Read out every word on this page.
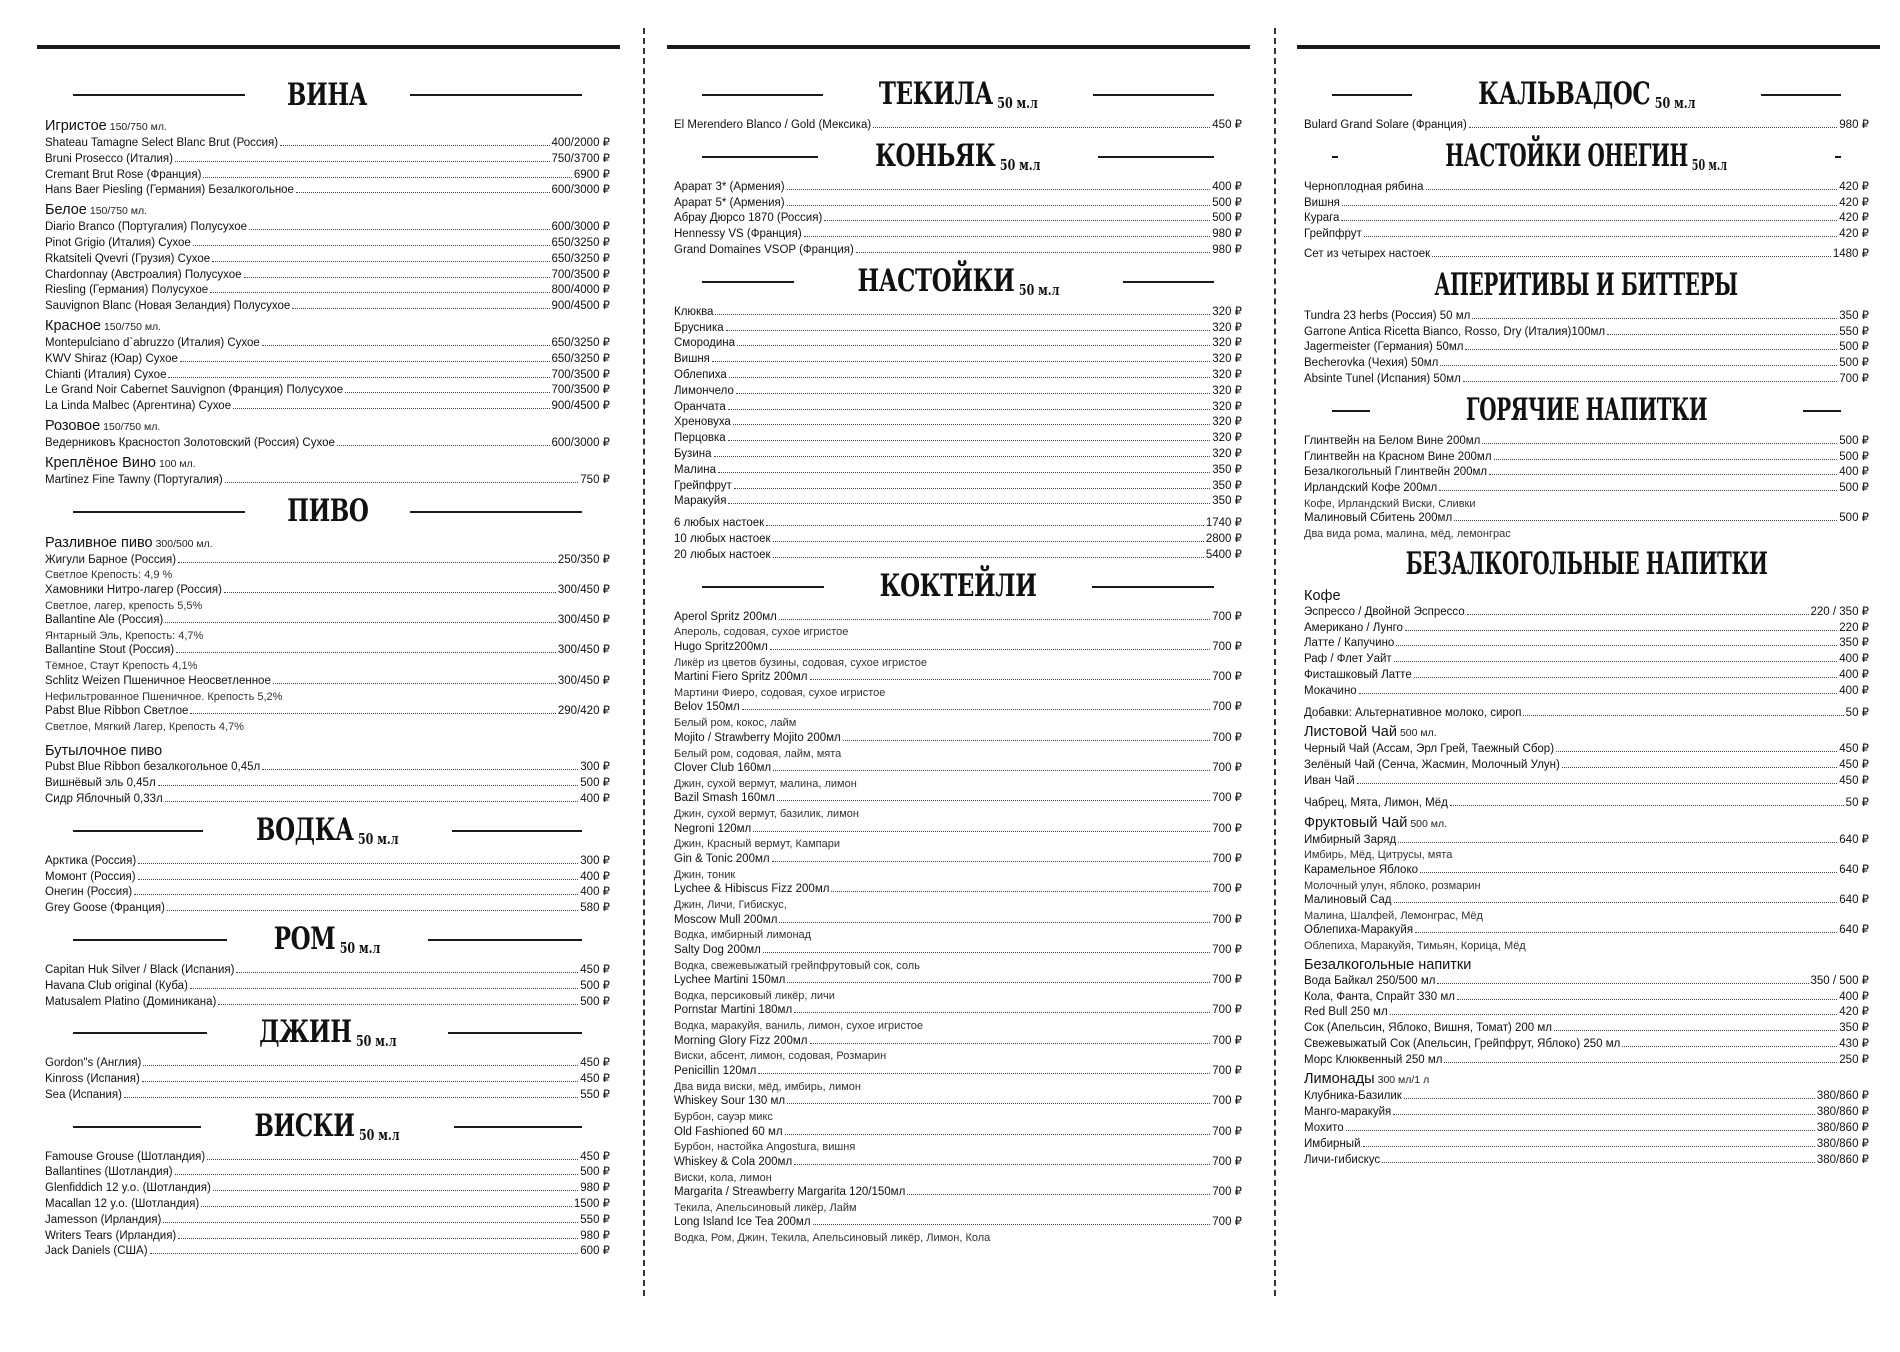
ВИНА
Игристое 150/750 мл.
Shateau Tamagne Select Blanc Brut (Россия)	400/2000 ₽
Bruni Prosecco (Италия)	750/3700 ₽
Cremant Brut Rose (Франция)	6900 ₽
Hans Baer Piesling (Германия) Безалкогольное	600/3000 ₽
Белое 150/750 мл.
Diario Branco (Португалия) Полусухое	600/3000 ₽
Pinot Grigio (Италия) Сухое	650/3250 ₽
Rkatsiteli Qvevri (Грузия) Сухое	650/3250 ₽
Chardonnay (Австроалия) Полусухое	700/3500 ₽
Riesling (Германия) Полусухое	800/4000 ₽
Sauvignon Blanc (Новая Зеландия) Полусухое	900/4500 ₽
Красное 150/750 мл.
Montepulciano d`abruzzo (Италия) Сухое	650/3250 ₽
KWV Shiraz (Юар) Сухое	650/3250 ₽
Chianti (Италия) Сухое	700/3500 ₽
Le Grand Noir Cabernet Sauvignon (Франция) Полусухое	700/3500 ₽
La Linda Malbec (Аргентина) Сухое	900/4500 ₽
Розовое 150/750 мл.
Ведерниковъ Красностоп Золотовский (Россия) Сухое	600/3000 ₽
Креплёное Вино 100 мл.
Martinez Fine Tawny (Португалия)	750 ₽
ПИВО
Разливное пиво 300/500 мл.
Жигули Барное (Россия)	250/350 ₽
Светлое Крепость: 4,9 %
Хамовники Нитро-лагер (Россия)	300/450 ₽
Светлое, лагер, крепость 5,5%
Ballantine Ale (Россия)	300/450 ₽
Янтарный Эль, Крепость: 4,7%
Ballantine Stout (Россия)	300/450 ₽
Тёмное, Стаут Крепость 4,1%
Schlitz Weizen Пшеничное Неосветленное	300/450 ₽
Нефильтрованное Пшеничное. Крепость 5,2%
Pabst Blue Ribbon Светлое	290/420 ₽
Светлое, Мягкий Лагер, Крепость 4,7%
Бутылочное пиво
Pubst Blue Ribbon безалкогольное 0,45л	300 ₽
Вишнёвый эль 0,45л	500 ₽
Сидр Яблочный 0,33л	400 ₽
ВОДКА 50 м.л
Арктика (Россия)	300 ₽
Момонт (Россия)	400 ₽
Онегин (Россия)	400 ₽
Grey Goose (Франция)	580 ₽
РОМ 50 м.л
Capitan Huk Silver / Black (Испания)	450 ₽
Havana Club original (Куба)	500 ₽
Matusalem Platino (Доминикана)	500 ₽
ДЖИН 50 м.л
Gordon"s (Англия)	450 ₽
Kinross (Испания)	450 ₽
Sea (Испания)	550 ₽
ВИСКИ 50 м.л
Famouse Grouse (Шотландия)	450 ₽
Ballantines (Шотландия)	500 ₽
Glenfiddich 12 y.o. (Шотландия)	980 ₽
Macallan 12 y.o. (Шотландия)	1500 ₽
Jamesson (Ирландия)	550 ₽
Writers Tears (Ирландия)	980 ₽
Jack Daniels (США)	600 ₽
ТЕКИЛА 50 м.л
El Merendero Blanco / Gold (Мексика)	450 ₽
КОНЬЯК 50 м.л
Арарат 3* (Армения)	400 ₽
Арарат 5* (Армения)	500 ₽
Абрау Дюрсо 1870 (Россия)	500 ₽
Hennessy VS (Франция)	980 ₽
Grand Domaines VSOP (Франция)	980 ₽
НАСТОЙКИ 50 м.л
Клюква	320 ₽
Брусника	320 ₽
Смородина	320 ₽
Вишня	320 ₽
Облепиха	320 ₽
Лимончело	320 ₽
Оранчата	320 ₽
Хреновуха	320 ₽
Перцовка	320 ₽
Бузина	320 ₽
Малина	350 ₽
Грейпфрут	350 ₽
Маракуйя	350 ₽
6 любых настоек	1740 ₽
10 любых настоек	2800 ₽
20 любых настоек	5400 ₽
КОКТЕЙЛИ
Aperol Spritz 200мл	700 ₽
Апероль, содовая, сухое игристое
Hugo Spritz200мл	700 ₽
Ликёр из цветов бузины, содовая, сухое игристое
Martini Fiero Spritz 200мл	700 ₽
Мартини Фиеро, содовая, сухое игристое
Belov 150мл	700 ₽
Белый ром, кокос, лайм
Mojito / Strawberry Mojito 200мл	700 ₽
Белый ром, содовая, лайм, мята
Clover Club 160мл	700 ₽
Джин, сухой вермут, малина, лимон
Bazil Smash 160мл	700 ₽
Джин, сухой вермут, базилик, лимон
Negroni 120мл	700 ₽
Джин, Красный вермут, Кампари
Gin & Tonic 200мл	700 ₽
Джин, тоник
Lychee & Hibiscus Fizz 200мл	700 ₽
Джин, Личи, Гибискус,
Moscow Mull 200мл	700 ₽
Водка, имбирный лимонад
Salty Dog 200мл	700 ₽
Водка, свежевыжатый грейпфрутовый сок, соль
Lychee Martini 150мл	700 ₽
Водка, персиковый ликёр, личи
Pornstar Martini 180мл	700 ₽
Водка, маракуйя, ваниль, лимон, сухое игристое
Morning Glory Fizz 200мл	700 ₽
Виски, абсент, лимон, содовая, Розмарин
Penicillin 120мл	700 ₽
Два вида виски, мёд, имбирь, лимон
Whiskey Sour 130 мл	700 ₽
Бурбон, сауэр микс
Old Fashioned 60 мл	700 ₽
Бурбон, настойка Angostura, вишня
Whiskey & Cola 200мл	700 ₽
Виски, кола, лимон
Margarita / Streawberry Margarita 120/150мл	700 ₽
Текила, Апельсиновый ликёр, Лайм
Long Island Ice Tea 200мл	700 ₽
Водка, Ром, Джин, Текила, Апельсиновый ликёр, Лимон, Кола
КАЛЬВАДОС 50 м.л
Bulard Grand Solare (Франция)	980 ₽
НАСТОЙКИ ОНЕГИН 50 м.л
Черноплодная рябина	420 ₽
Вишня	420 ₽
Курага	420 ₽
Грейпфрут	420 ₽
Сет из четырех настоек	1480 ₽
АПЕРИТИВЫ И БИТТЕРЫ
Tundra 23 herbs (Россия) 50 мл	350 ₽
Garrone Antica Ricetta Bianco, Rosso, Dry (Италия)100мл	550 ₽
Jagermeister (Германия) 50мл	500 ₽
Becherovka (Чехия) 50мл	500 ₽
Absinte Tunel (Испания) 50мл	700 ₽
ГОРЯЧИЕ НАПИТКИ
Глинтвейн на Белом Вине 200мл	500 ₽
Глинтвейн на Красном Вине 200мл	500 ₽
Безалкогольный Глинтвейн 200мл	400 ₽
Ирландский Кофе 200мл	500 ₽
Кофе, Ирландский Виски, Сливки
Малиновый Сбитень 200мл	500 ₽
Два вида рома, малина, мёд, лемонграс
БЕЗАЛКОГОЛЬНЫЕ НАПИТКИ
Кофе
Эспрессо / Двойной Эспрессо	220 / 350 ₽
Американо / Лунго	220 ₽
Латте / Капучино	350 ₽
Раф / Флет Уайт	400 ₽
Фисташковый Латте	400 ₽
Мокачино	400 ₽
Добавки: Альтернативное молоко, сироп	50 ₽
Листовой Чай 500 мл.
Черный Чай (Ассам, Эрл Грей, Таежный Сбор)	450 ₽
Зелёный Чай (Сенча, Жасмин, Молочный Улун)	450 ₽
Иван Чай	450 ₽
Чабрец, Мята, Лимон, Мёд	50 ₽
Фруктовый Чай 500 мл.
Имбирный Заряд	640 ₽
Имбирь, Мёд, Цитрусы, мята
Карамельное Яблоко	640 ₽
Молочный улун, яблоко, розмарин
Малиновый Сад	640 ₽
Малина, Шалфей, Лемонграс, Мёд
Облепиха-Маракуйя	640 ₽
Облепиха, Маракуйя, Тимьян, Корица, Мёд
Безалкогольные напитки
Вода Байкал 250/500 мл	350 / 500 ₽
Кола, Фанта, Спрайт 330 мл	400 ₽
Red Bull 250 мл	420 ₽
Сок (Апельсин, Яблоко, Вишня, Томат) 200 мл	350 ₽
Свежевыжатый Сок (Апельсин, Грейпфрут, Яблоко) 250 мл	430 ₽
Морс Клюквенный 250 мл	250 ₽
Лимонады 300 мл/1 л
Клубника-Базилик	380/860 ₽
Манго-маракуйя	380/860 ₽
Мохито	380/860 ₽
Имбирный	380/860 ₽
Личи-гибискус	380/860 ₽
